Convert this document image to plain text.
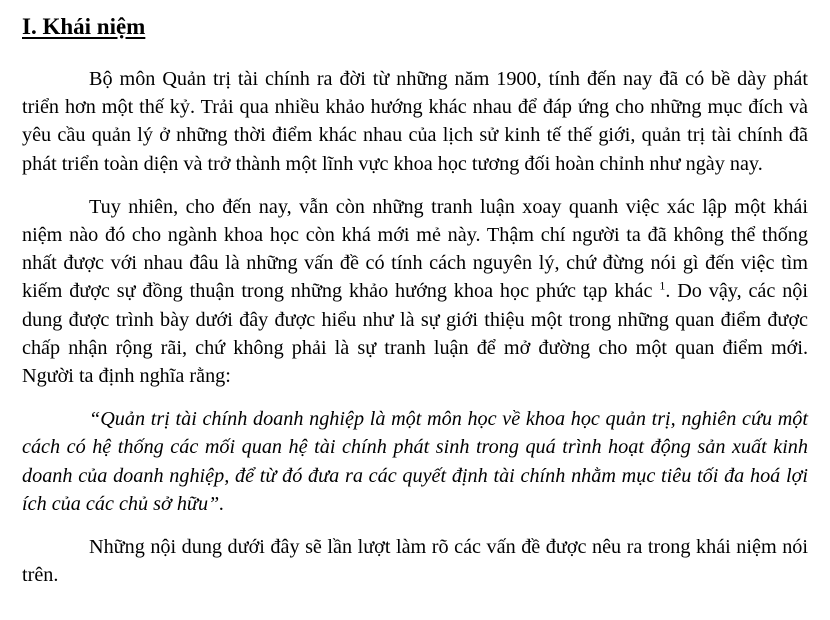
I. Khái niệm

Bộ môn Quản trị tài chính ra đời từ những năm 1900, tính đến nay đã có bề dày phát triển hơn một thế kỷ. Trải qua nhiều khảo hướng khác nhau để đáp ứng cho những mục đích và yêu cầu quản lý ở những thời điểm khác nhau của lịch sử kinh tế thế giới, quản trị tài chính đã phát triển toàn diện và trở thành một lĩnh vực khoa học tương đối hoàn chỉnh như ngày nay.

Tuy nhiên, cho đến nay, vẫn còn những tranh luận xoay quanh việc xác lập một khái niệm nào đó cho ngành khoa học còn khá mới mẻ này. Thậm chí người ta đã không thể thống nhất được với nhau đâu là những vấn đề có tính cách nguyên lý, chứ đừng nói gì đến việc tìm kiếm được sự đồng thuận trong những khảo hướng khoa học phức tạp khác $^1$. Do vậy, các nội dung được trình bày dưới đây được hiểu như là sự giới thiệu một trong những quan điểm được chấp nhận rộng rãi, chứ không phải là sự tranh luận để mở đường cho một quan điểm mới. Người ta định nghĩa rằng:

“Quản trị tài chính doanh nghiệp là một môn học về khoa học quản trị, nghiên cứu một cách có hệ thống các mối quan hệ tài chính phát sinh trong quá trình hoạt động sản xuất kinh doanh của doanh nghiệp, để từ đó đưa ra các quyết định tài chính nhằm mục tiêu tối đa hoá lợi ích của các chủ sở hữu”.

Những nội dung dưới đây sẽ lần lượt làm rõ các vấn đề được nêu ra trong khái niệm nói trên.
